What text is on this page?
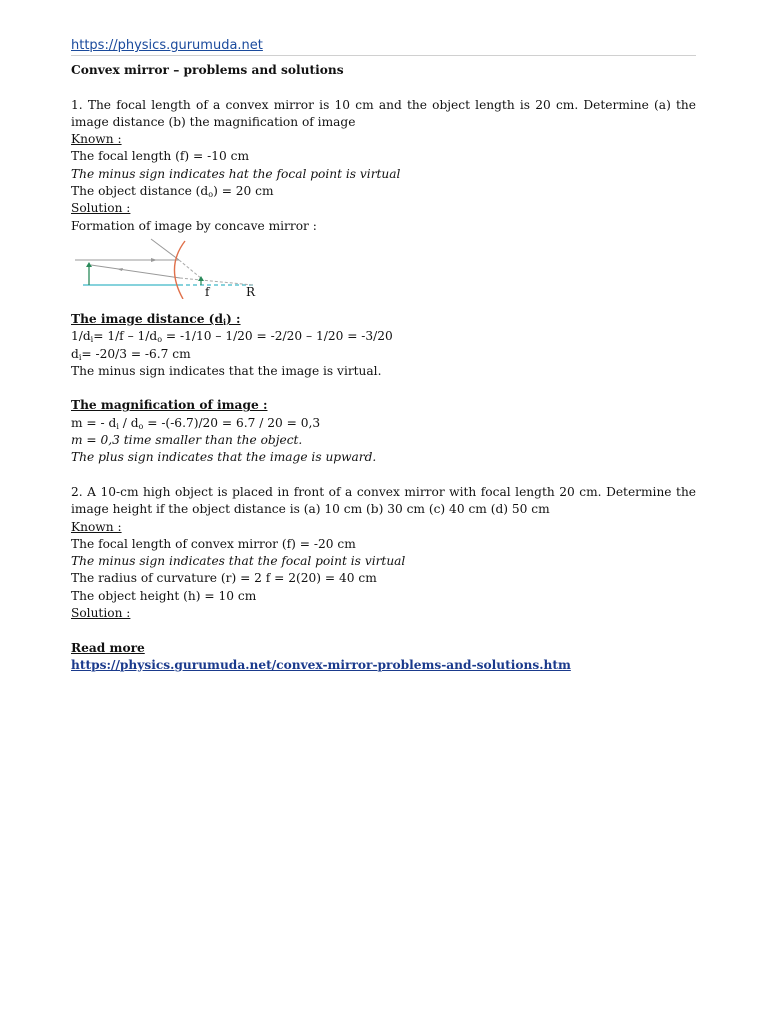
https://physics.gurumuda.net

Convex mirror – problems and solutions

1. The focal length of a convex mirror is 10 cm and the object length is 20 cm. Determine (a) the image distance (b) the magnification of image

Known :

The focal length (f) = -10 cm

The minus sign indicates hat the focal point is virtual

The object distance $(d_o) = 20$ cm

Solution :

Formation of image by concave mirror :

f	R

The image distance $(d_i)$ :

$1/d_i= 1/f - 1/d_o = -1/10 - 1/20 = -2/20 - 1/20 = -3/20$

$d_i= -20/3 = -6.7$ cm

The minus sign indicates that the image is virtual.

The magnification of image :

m = - $d_i / d_o = -(-6.7)/20 = 6.7 / 20 = 0,3$

m = 0,3 time smaller than the object.

The plus sign indicates that the image is upward.

2. A 10-cm high object is placed in front of a convex mirror with focal length 20 cm. Determine the image height if the object distance is (a) 10 cm (b) 30 cm (c) 40 cm (d) 50 cm

Known :

The focal length of convex mirror (f) = -20 cm

The minus sign indicates that the focal point is virtual

The radius of curvature (r) = 2 f = 2(20) = 40 cm

The object height (h) = 10 cm

Solution :

Read more

https://physics.gurumuda.net/convex-mirror-problems-and-solutions.htm
